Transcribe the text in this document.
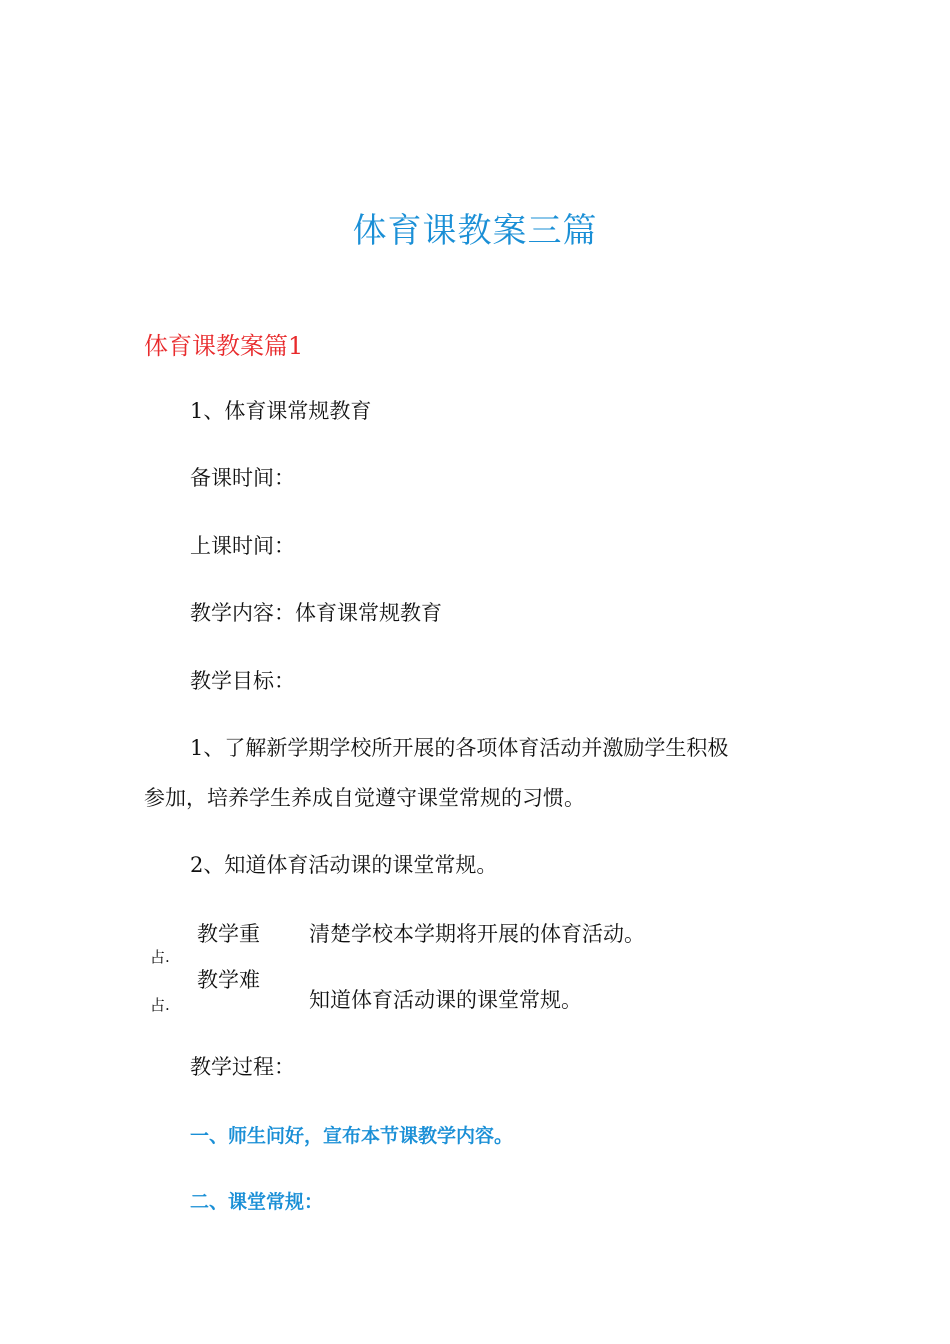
体育课教案三篇
体育课教案篇1
1、体育课常规教育
备课时间：
上课时间：
教学内容：体育课常规教育
教学目标：
1、了解新学期学校所开展的各项体育活动并激励学生积极
参加，培养学生养成自觉遵守课堂常规的习惯。
2、知道体育活动课的课堂常规。
教学重
占.
清楚学校本学期将开展的体育活动。
教学难
占.	知道体育活动课的课堂常规。
教学过程：
一、师生问好，宣布本节课教学内容。
二、课堂常规：
